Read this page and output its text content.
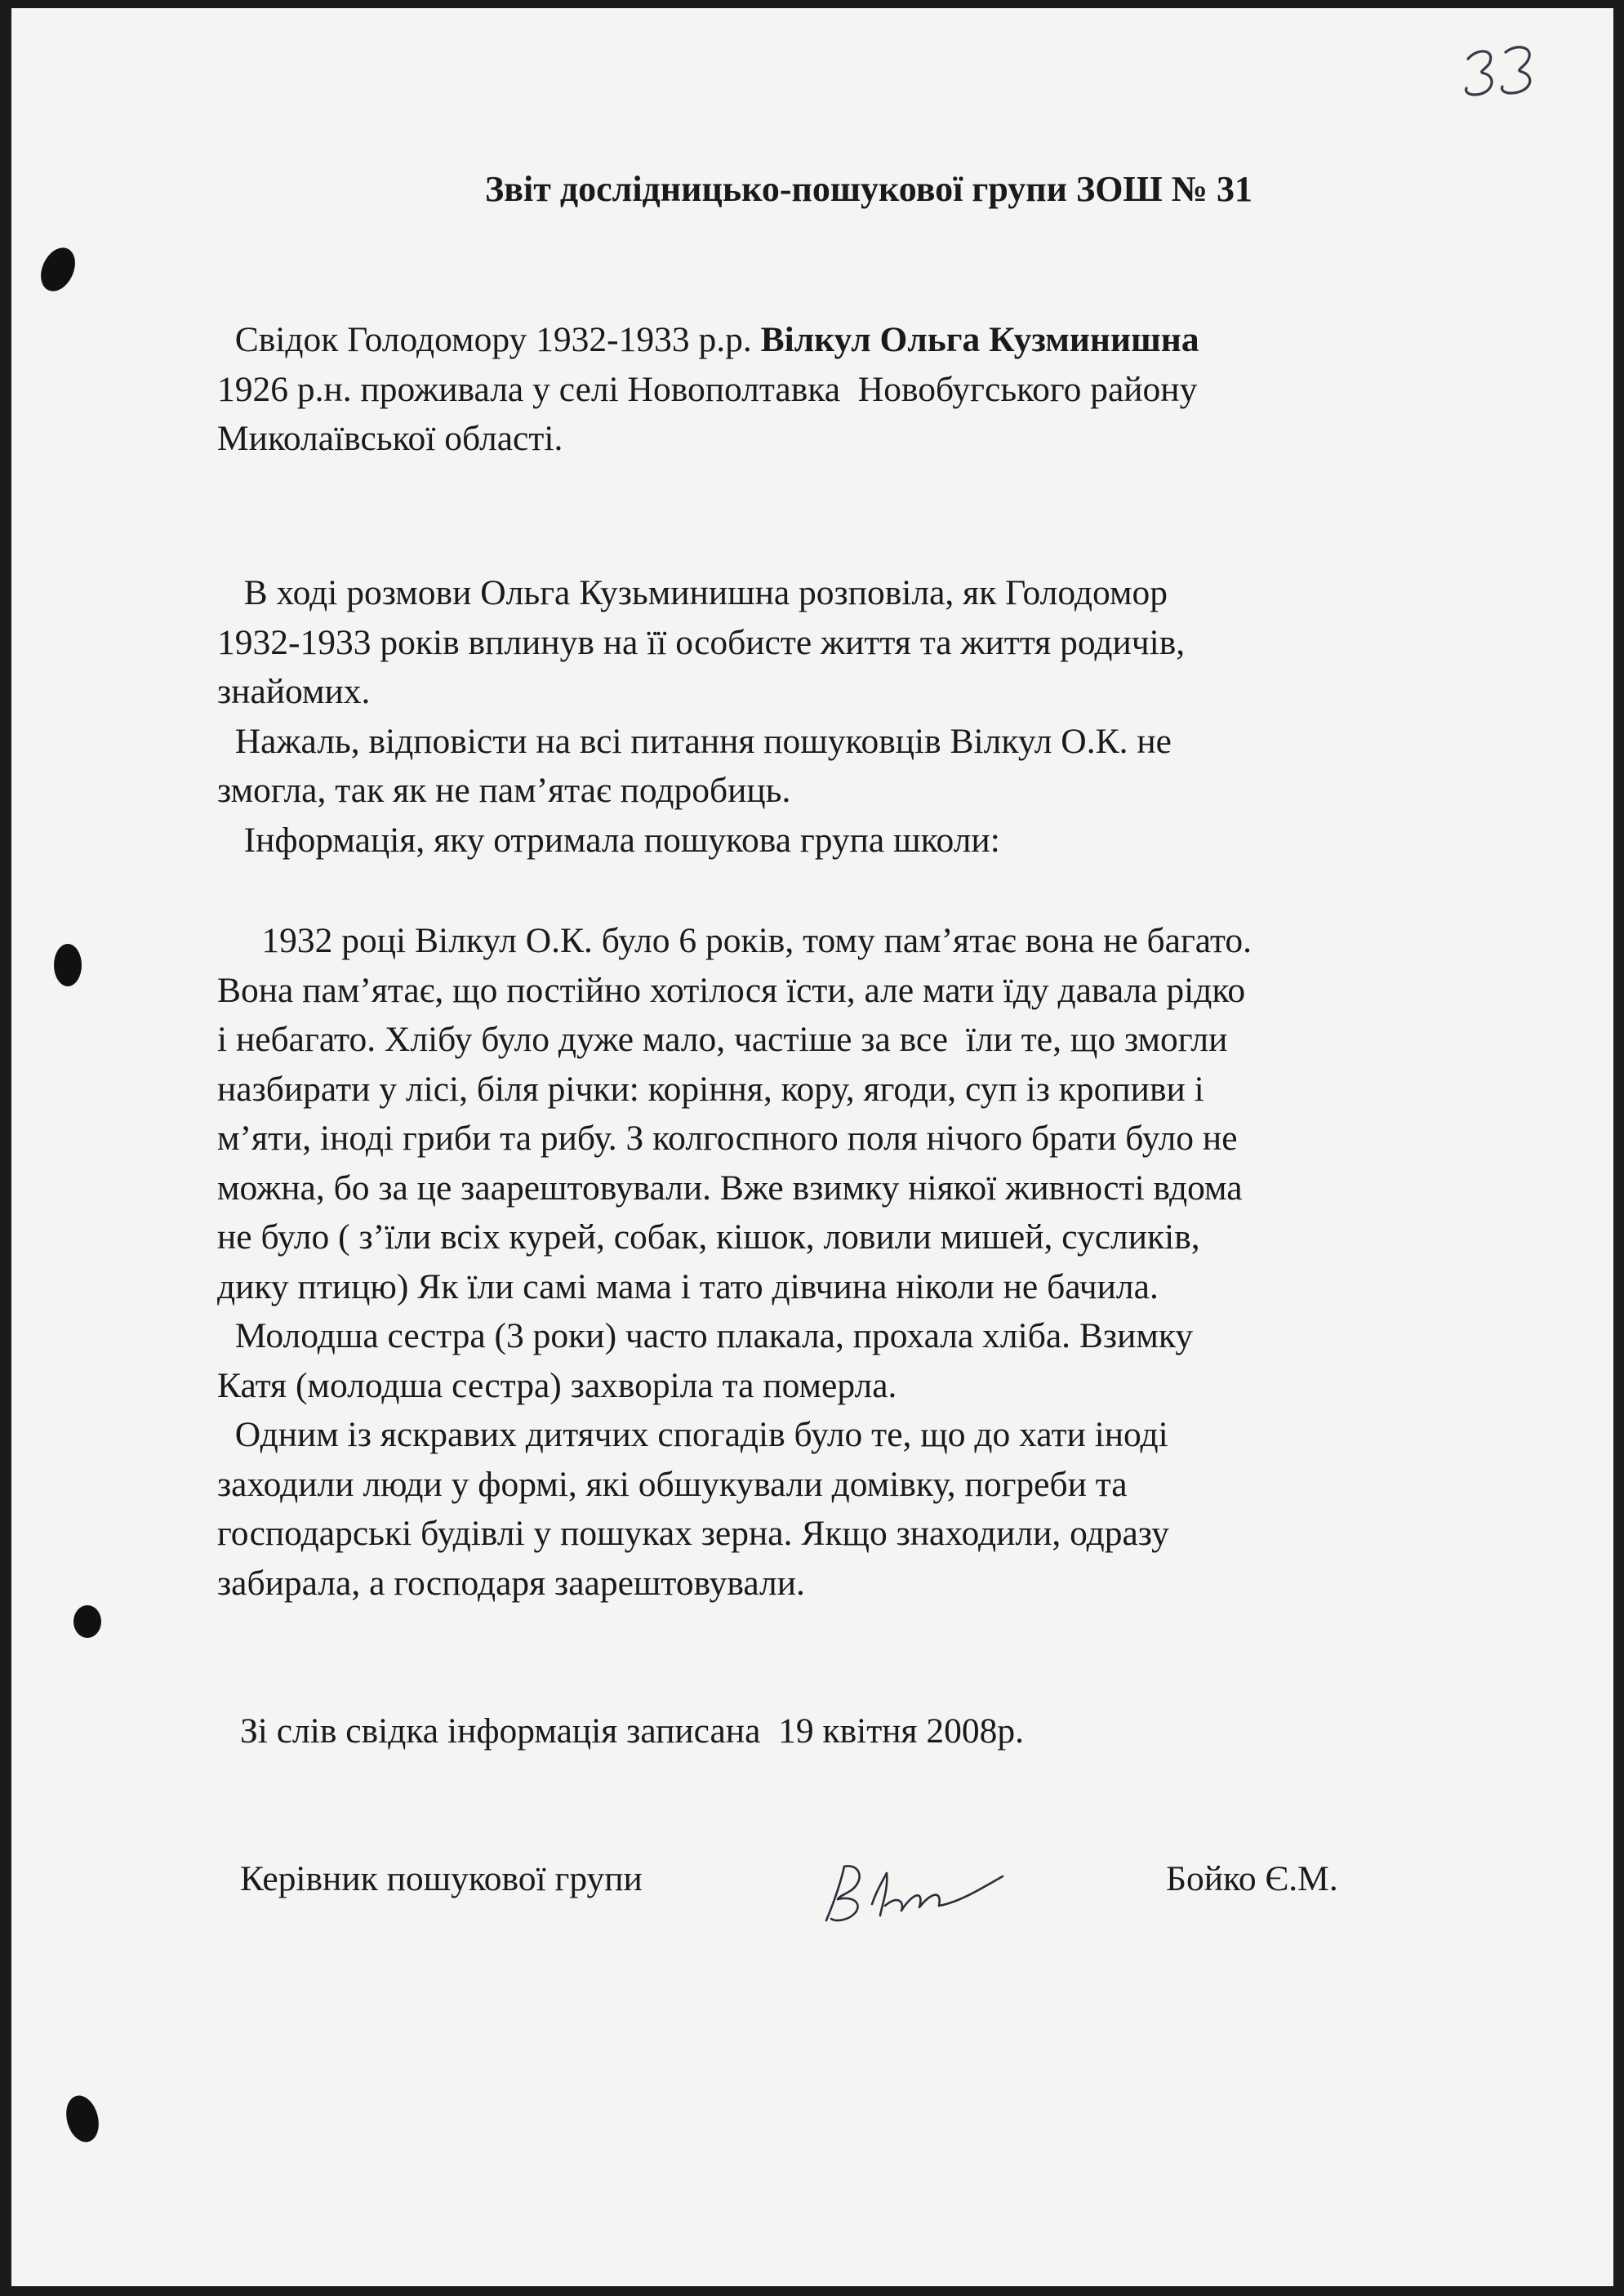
Звіт дослідницько-пошукової групи ЗОШ № 31

Свідок Голодомору 1932-1933 р.р. Вілкул Ольга Кузминишна
1926 р.н. проживала у селі Новополтавка  Новобугського району
Миколаївської області.

В ході розмови Ольга Кузьминишна розповіла, як Голодомор
1932-1933 років вплинув на її особисте життя та життя родичів,
знайомих.
Нажаль, відповісти на всі питання пошуковців Вілкул О.К. не
змогла, так як не пам’ятає подробиць.
Інформація, яку отримала пошукова група школи:

1932 році Вілкул О.К. було 6 років, тому пам’ятає вона не багато.
Вона пам’ятає, що постійно хотілося їсти, але мати їду давала рідко
і небагато. Хлібу було дуже мало, частіше за все  їли те, що змогли
назбирати у лісі, біля річки: коріння, кору, ягоди, суп із кропиви і
м’яти, іноді гриби та рибу. З колгоспного поля нічого брати було не
можна, бо за це заарештовували. Вже взимку ніякої живності вдома
не було ( з’їли всіх курей, собак, кішок, ловили мишей, сусликів,
дику птицю) Як їли самі мама і тато дівчина ніколи не бачила.
Молодша сестра (3 роки) часто плакала, прохала хліба. Взимку
Катя (молодша сестра) захворіла та померла.
Одним із яскравих дитячих спогадів було те, що до хати іноді
заходили люди у формі, які обшукували домівку, погреби та
господарські будівлі у пошуках зерна. Якщо знаходили, одразу
забирала, а господаря заарештовували.

Зі слів свідка інформація записана  19 квітня 2008р.

Керівник пошукової групи	Бойко Є.М.
